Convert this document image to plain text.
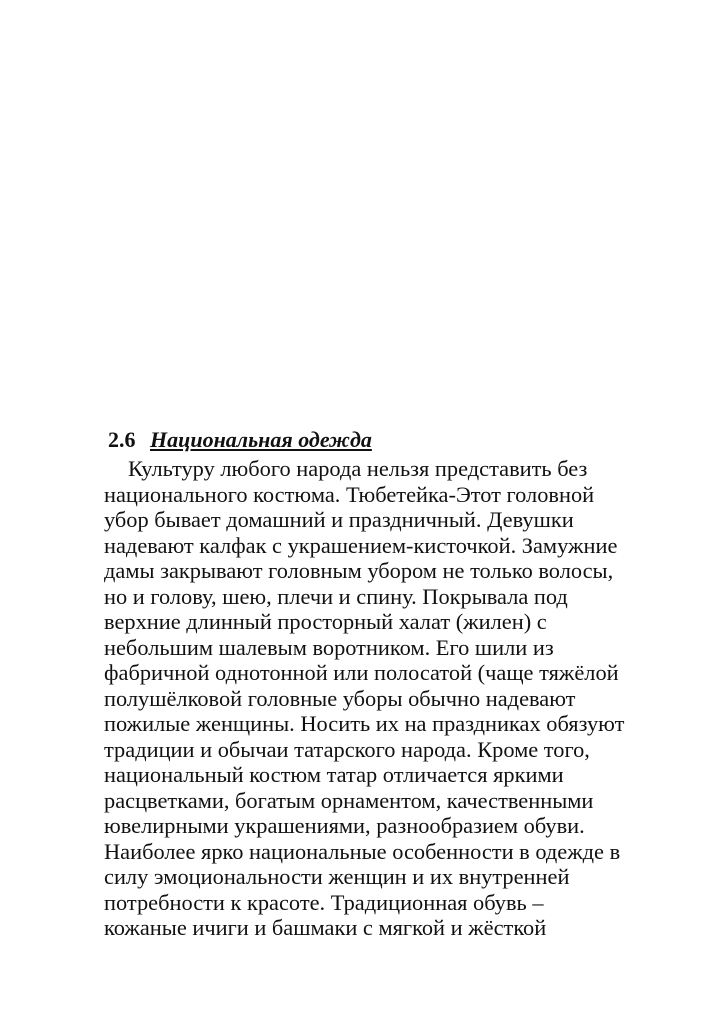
2.6 Национальная одежда
Культуру любого народа нельзя представить без
национального костюма. Тюбетейка-Этот головной
убор бывает домашний и праздничный. Девушки
надевают калфак с украшением-кисточкой. Замужние
дамы закрывают головным убором не только волосы,
но и голову, шею, плечи и спину. Покрывала под
верхние длинный просторный халат (жилен) с
небольшим шалевым воротником. Его шили из
фабричной однотонной или полосатой (чаще тяжёлой
полушёлковой головные уборы обычно надевают
пожилые женщины. Носить их на праздниках обязуют
традиции и обычаи татарского народа. Кроме того,
национальный костюм татар отличается яркими
расцветками, богатым орнаментом, качественными
ювелирными украшениями, разнообразием обуви.
Наиболее ярко национальные особенности в одежде в
силу эмоциональности женщин и их внутренней
потребности к красоте. Традиционная обувь –
кожаные ичиги и башмаки с мягкой и жёсткой
